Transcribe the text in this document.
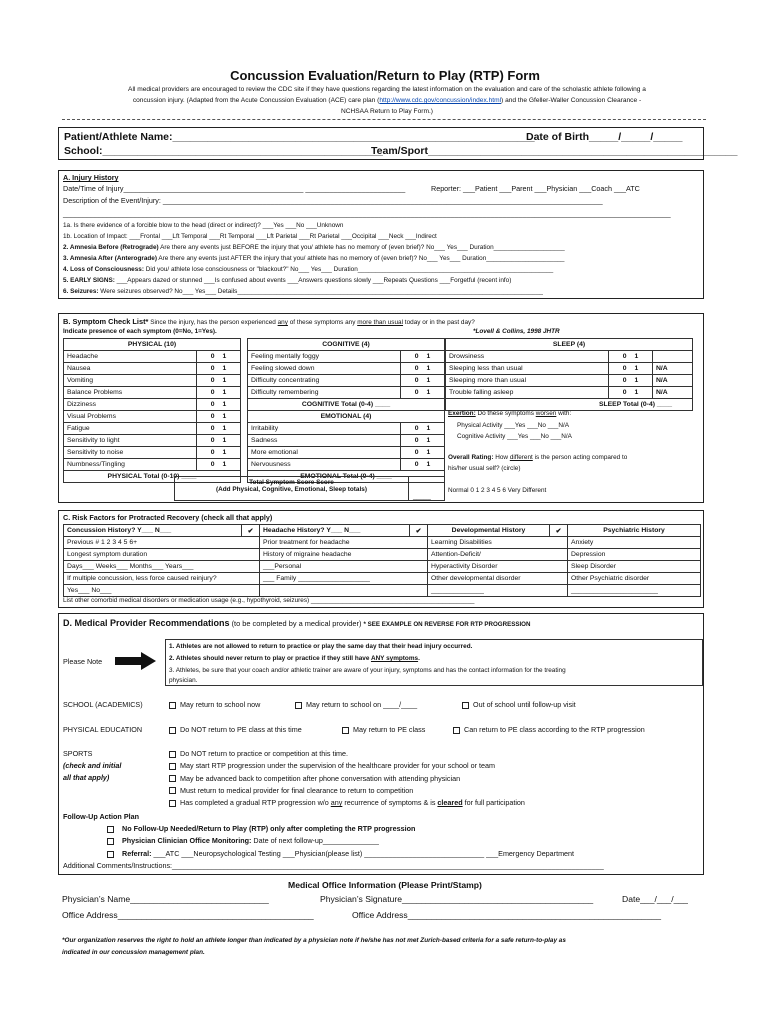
Concussion Evaluation/Return to Play (RTP) Form
All medical providers are encouraged to review the CDC site if they have questions regarding the latest information on the evaluation and care of the scholastic athlete following a
concussion injury. (Adapted from the Acute Concussion Evaluation (ACE) care plan (http://www.cdc.gov/concussion/index.html) and the Gfeller-Waller Concussion Clearance -
NCHSAA Return to Play Form.)
Patient/Athlete Name:______________________________________________________________
Date of Birth_____/_____/_____
School:________________________________________________
Team/Sport_____________________________________________________
A. Injury History
Date/Time of Injury_____________________________________________ _________________________	Reporter: ___Patient ___Parent ___Physician ___Coach ___ATC
Description of the Event/Injury: ______________________________________________________________________________________________________________
________________________________________________________________________________________________________________________________________________________
1a. Is there evidence of a forcible blow to the head (direct or indirect)? ___Yes ___No ___Unknown
1b. Location of Impact: ___Frontal ___Lft Temporal ___Rt Temporal ___Lft Parietal ___Rt Parietal ___Occipital ___Neck ___Indirect
2. Amnesia Before (Retrograde) Are there any events just BEFORE the injury that you/ athlete has no memory of (even brief)? No___ Yes___ Duration____________________
3. Amnesia After (Anterograde) Are there any events just AFTER the injury that you/ athlete has no memory of (even brief)? No___ Yes___ Duration______________________
4. Loss of Consciousness: Did you/ athlete lose consciousness or "blackout?" No___ Yes___ Duration_______________________________________________________
5. EARLY SIGNS: ___Appears dazed or stunned ___Is confused about events ___Answers questions slowly ___Repeats Questions ___Forgetful (recent info)
6. Seizures: Were seizures observed? No___ Yes___ Details______________________________________________________________________________________
B. Symptom Check List* Since the injury, has the person experienced any of these symptoms any more than usual today or in the past day?
Indicate presence of each symptom (0=No, 1=Yes).	*Lovell & Collins, 1998 JHTR
PHYSICAL (10)	
Headache	0 1
Nausea	0 1
Vomiting	0 1
Balance Problems	0 1
Dizziness	0 1
Visual Problems	0 1
Fatigue	0 1
Sensitivity to light	0 1
Sensitivity to noise	0 1
Numbness/Tingling	0 1
PHYSICAL Total (0-10) ____	
COGNITIVE (4)	
Feeling mentally foggy	0 1
Feeling slowed down	0 1
Difficulty concentrating	0 1
Difficulty remembering	0 1
COGNITIVE Total (0-4) ____	
EMOTIONAL (4)	
Irritability	0 1
Sadness	0 1
More emotional	0 1
Nervousness	0 1
EMOTIONAL Total (0-4) ____	
SLEEP (4)		
Drowsiness	0 1	
Sleeping less than usual	0 1	N/A
Sleeping more than usual	0 1	N/A
Trouble falling asleep	0 1	N/A
SLEEP Total (0-4) ____		
Total Symptom Score Score
(Add Physical, Cognitive, Emotional, Sleep totals)
_____
Exertion: Do these symptoms worsen with:
Physical Activity ___Yes ___No ___N/A
Cognitive Activity ___Yes ___No ___N/A
Overall Rating: How different is the person acting compared to
his/her usual self? (circle)
Normal 0 1 2 3 4 5 6 Very Different
C. Risk Factors for Protracted Recovery (check all that apply)
Concussion History? Y___ N___	✔	Headache History? Y___ N___	✔	Developmental History	✔	Psychiatric History
Previous # 1 2 3 4 5 6+		Prior treatment for headache		Learning Disabilities		Anxiety
Longest symptom duration		History of migraine headache		Attention-Deficit/		Depression
Days___ Weeks___ Months___ Years___		___Personal		Hyperactivity Disorder		Sleep Disorder
If multiple concussion, less force caused reinjury?		___ Family ___________________		Other developmental disorder		Other Psychiatric disorder
Yes___ No___				______________		_______________________
List other comorbid medical disorders or medication usage (e.g., hypothyroid, seizures) ______________________________________________
D. Medical Provider Recommendations (to be completed by a medical provider) * SEE EXAMPLE ON REVERSE FOR RTP PROGRESSION
Please Note
1. Athletes are not allowed to return to practice or play the same day that their head injury occurred.
2. Athletes should never return to play or practice if they still have ANY symptoms.
3. Athletes, be sure that your coach and/or athletic trainer are aware of your injury, symptoms and has the contact information for the treating
physician.
SCHOOL (ACADEMICS)	May return to school now	May return to school on ____/____	Out of school until follow-up visit
PHYSICAL EDUCATION	Do NOT return to PE class at this time	May return to PE class	Can return to PE class according to the RTP progression
SPORTS
(check and initial
all that apply)
Do NOT return to practice or competition at this time.
May start RTP progression under the supervision of the healthcare provider for your school or team
May be advanced back to competition after phone conversation with attending physician
Must return to medical provider for final clearance to return to competition
Has completed a gradual RTP progression w/o any recurrence of symptoms & is cleared for full participation
Follow-Up Action Plan
No Follow-Up Needed/Return to Play (RTP) only after completing the RTP progression
Physician Clinician Office Monitoring: Date of next follow-up______________
Referral: ___ATC ___Neuropsychological Testing ___Physician(please list) ______________________________ ___Emergency Department
Additional Comments/Instructions:____________________________________________________________________________________________________________
Medical Office Information (Please Print/Stamp)
Physician’s Name_____________________________	Physician’s Signature________________________________________	Date___/___/___
Office Address_________________________________________	Office Address_____________________________________________________
*Our organization reserves the right to hold an athlete longer than indicated by a physician note if he/she has not met Zurich-based criteria for a safe return-to-play as
indicated in our concussion management plan.
